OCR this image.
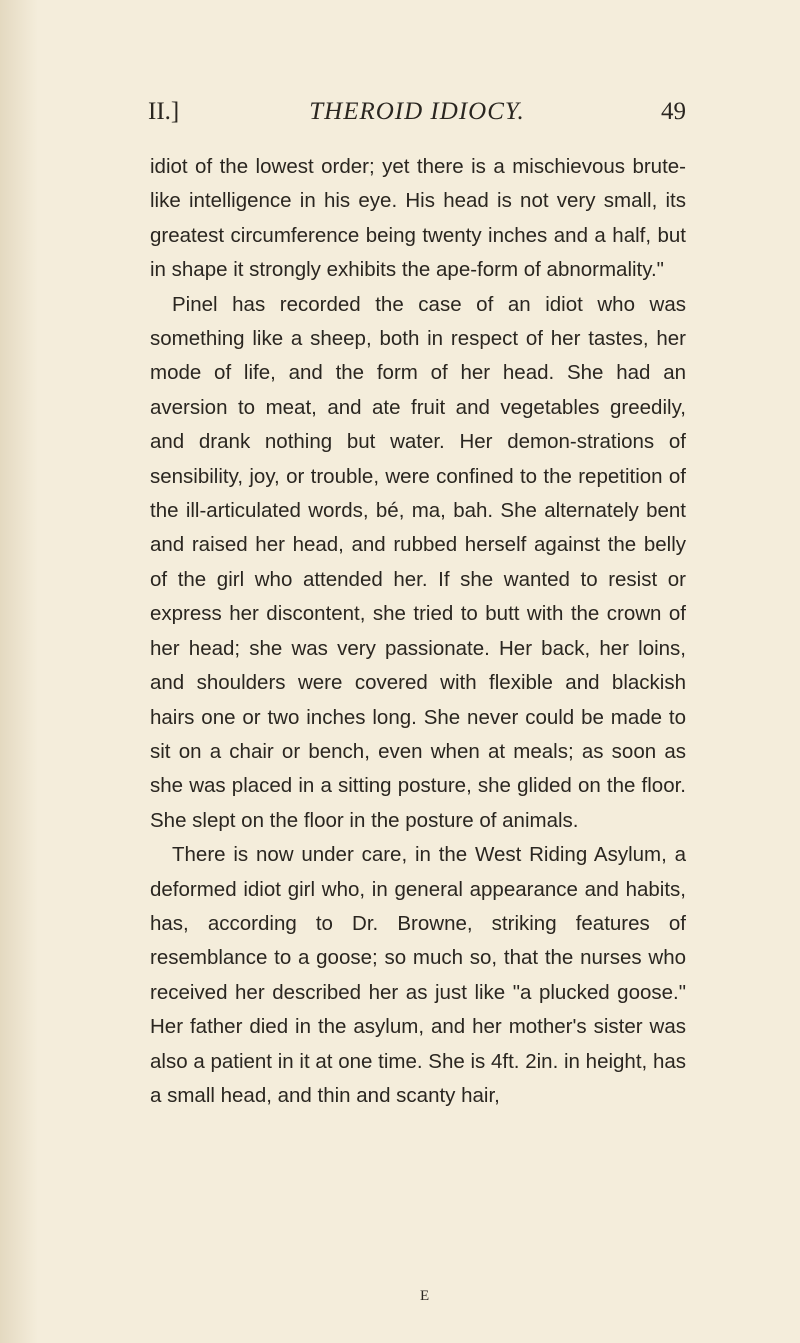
II.]	THEROID IDIOCY.	49

idiot of the lowest order; yet there is a mischievous brute-like intelligence in his eye. His head is not very small, its greatest circumference being twenty inches and a half, but in shape it strongly exhibits the ape-form of abnormality."

Pinel has recorded the case of an idiot who was something like a sheep, both in respect of her tastes, her mode of life, and the form of her head. She had an aversion to meat, and ate fruit and vegetables greedily, and drank nothing but water. Her demon-strations of sensibility, joy, or trouble, were confined to the repetition of the ill-articulated words, bé, ma, bah. She alternately bent and raised her head, and rubbed herself against the belly of the girl who attended her. If she wanted to resist or express her discontent, she tried to butt with the crown of her head; she was very passionate. Her back, her loins, and shoulders were covered with flexible and blackish hairs one or two inches long. She never could be made to sit on a chair or bench, even when at meals; as soon as she was placed in a sitting posture, she glided on the floor. She slept on the floor in the posture of animals.

There is now under care, in the West Riding Asylum, a deformed idiot girl who, in general appearance and habits, has, according to Dr. Browne, striking features of resemblance to a goose; so much so, that the nurses who received her described her as just like "a plucked goose." Her father died in the asylum, and her mother's sister was also a patient in it at one time. She is 4ft. 2in. in height, has a small head, and thin and scanty hair,

E
